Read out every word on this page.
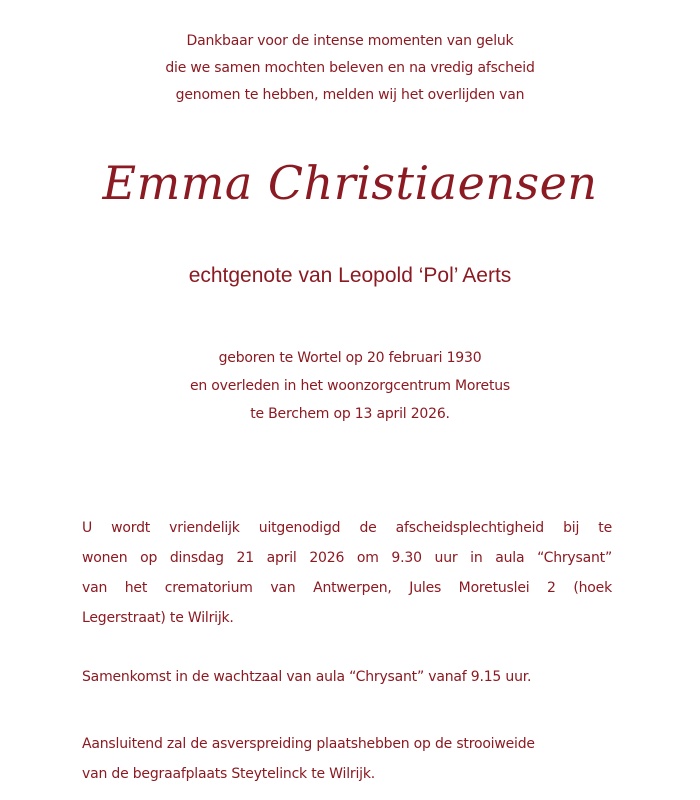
Dankbaar voor de intense momenten van geluk
die we samen mochten beleven en na vredig afscheid
genomen te hebben, melden wij het overlijden van
Emma Christiaensen
echtgenote van Leopold ‘Pol’ Aerts
geboren te Wortel op 20 februari 1930
en overleden in het woonzorgcentrum Moretus
te Berchem op 13 april 2026.
U wordt vriendelijk uitgenodigd de afscheidsplechtigheid bij te
wonen op dinsdag 21 april 2026 om 9.30 uur in aula “Chrysant”
van het crematorium van Antwerpen, Jules Moretuslei 2 (hoek
Legerstraat) te Wilrijk.
Samenkomst in de wachtzaal van aula “Chrysant” vanaf 9.15 uur.
Aansluitend zal de asverspreiding plaatshebben op de strooiweide
van de begraafplaats Steytelinck te Wilrijk.
